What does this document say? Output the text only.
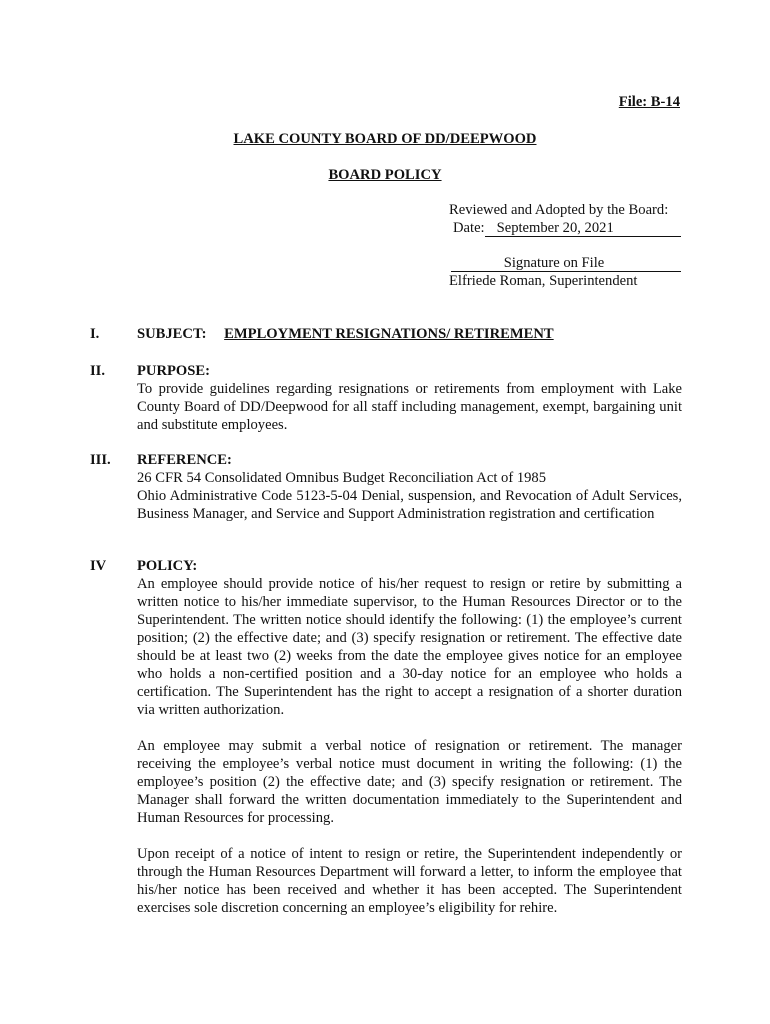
File: B-14
LAKE COUNTY BOARD OF DD/DEEPWOOD
BOARD POLICY
Reviewed and Adopted by the Board:
Date: September 20, 2021
Signature on File
Elfriede Roman, Superintendent
I.	SUBJECT: EMPLOYMENT RESIGNATIONS/ RETIREMENT
II. PURPOSE:
To provide guidelines regarding resignations or retirements from employment with Lake County Board of DD/Deepwood for all staff including management, exempt, bargaining unit and substitute employees.
III. REFERENCE:
26 CFR 54 Consolidated Omnibus Budget Reconciliation Act of 1985
Ohio Administrative Code 5123-5-04 Denial, suspension, and Revocation of Adult Services, Business Manager, and Service and Support Administration registration and certification
IV POLICY:

An employee should provide notice of his/her request to resign or retire by submitting a written notice to his/her immediate supervisor, to the Human Resources Director or to the Superintendent. The written notice should identify the following: (1) the employee’s current position; (2) the effective date; and (3) specify resignation or retirement. The effective date should be at least two (2) weeks from the date the employee gives notice for an employee who holds a non-certified position and a 30-day notice for an employee who holds a certification. The Superintendent has the right to accept a resignation of a shorter duration via written authorization.

An employee may submit a verbal notice of resignation or retirement. The manager receiving the employee’s verbal notice must document in writing the following: (1) the employee’s position (2) the effective date; and (3) specify resignation or retirement. The Manager shall forward the written documentation immediately to the Superintendent and Human Resources for processing.

Upon receipt of a notice of intent to resign or retire, the Superintendent independently or through the Human Resources Department will forward a letter, to inform the employee that his/her notice has been received and whether it has been accepted. The Superintendent exercises sole discretion concerning an employee’s eligibility for rehire.
